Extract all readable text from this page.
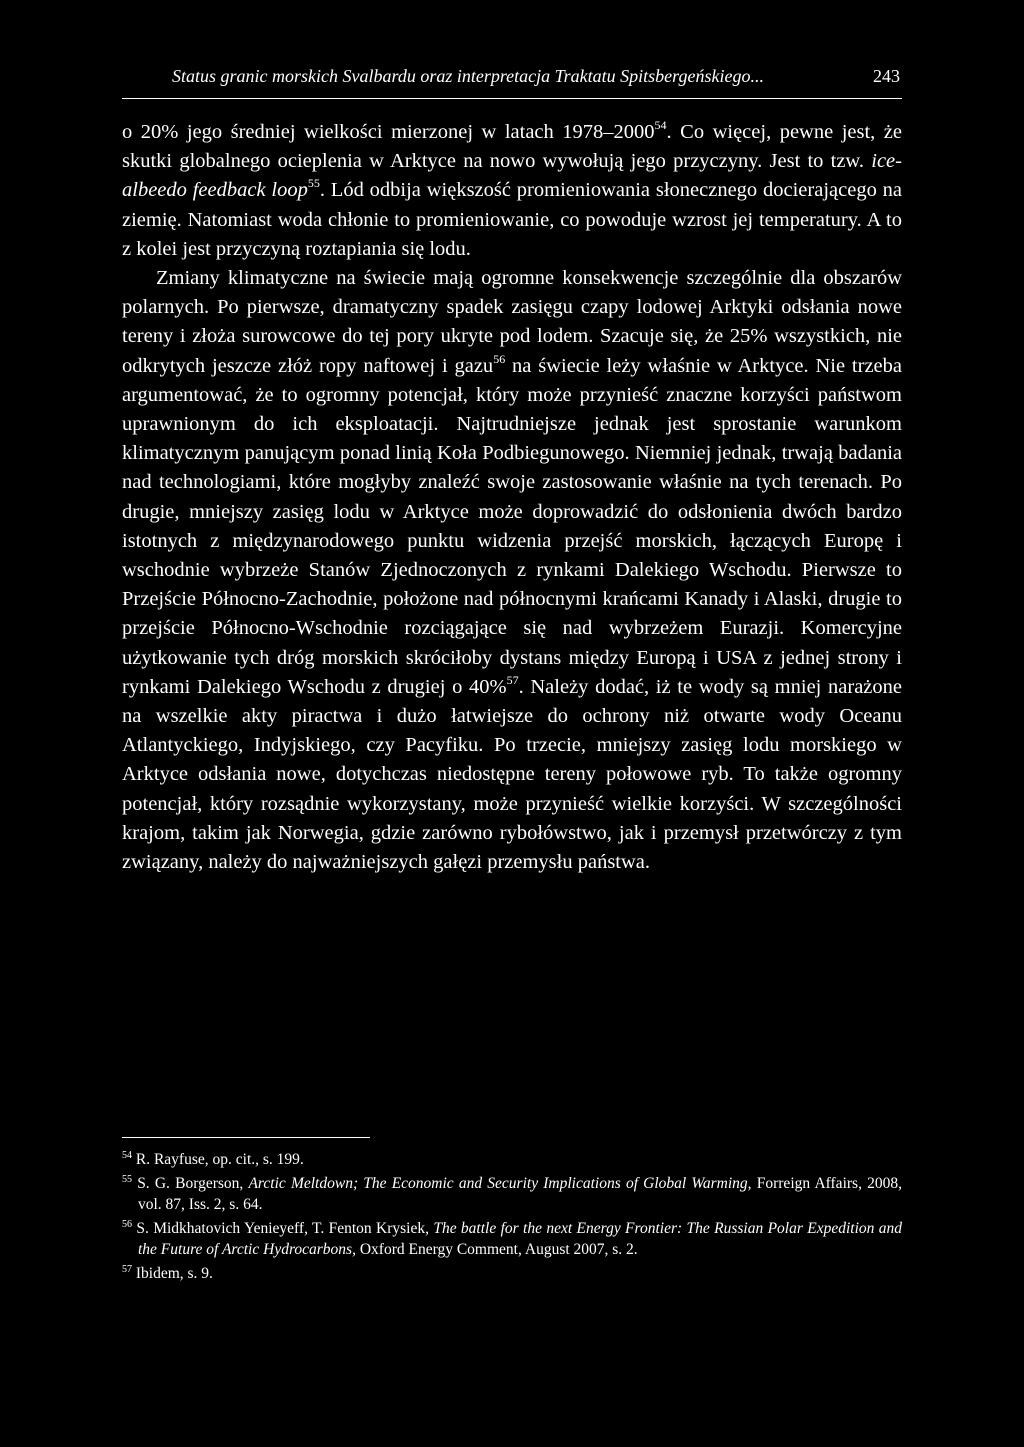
Status granic morskich Svalbardu oraz interpretacja Traktatu Spitsbergeńskiego...	243

o 20% jego średniej wielkości mierzonej w latach 1978–2000$^{54}$. Co więcej, pewne jest, że skutki globalnego ocieplenia w Arktyce na nowo wywołują jego przyczyny. Jest to tzw. ice-albeedo feedback loop$^{55}$. Lód odbija większość promieniowania słonecznego docierającego na ziemię. Natomiast woda chłonie to promieniowanie, co powoduje wzrost jej temperatury. A to z kolei jest przyczyną roztapiania się lodu.

Zmiany klimatyczne na świecie mają ogromne konsekwencje szczególnie dla obszarów polarnych. Po pierwsze, dramatyczny spadek zasięgu czapy lodowej Arktyki odsłania nowe tereny i złoża surowcowe do tej pory ukryte pod lodem. Szacuje się, że 25% wszystkich, nie odkrytych jeszcze złóż ropy naftowej i gazu$^{56}$ na świecie leży właśnie w Arktyce. Nie trzeba argumentować, że to ogromny potencjał, który może przynieść znaczne korzyści państwom uprawnionym do ich eksploatacji. Najtrudniejsze jednak jest sprostanie warunkom klimatycznym panującym ponad linią Koła Podbiegunowego. Niemniej jednak, trwają badania nad technologiami, które mogłyby znaleźć swoje zastosowanie właśnie na tych terenach. Po drugie, mniejszy zasięg lodu w Arktyce może doprowadzić do odsłonienia dwóch bardzo istotnych z międzynarodowego punktu widzenia przejść morskich, łączących Europę i wschodnie wybrzeże Stanów Zjednoczonych z rynkami Dalekiego Wschodu. Pierwsze to Przejście Północno-Zachodnie, położone nad północnymi krańcami Kanady i Alaski, drugie to przejście Północno-Wschodnie rozciągające się nad wybrzeżem Eurazji. Komercyjne użytkowanie tych dróg morskich skróciłoby dystans między Europą i USA z jednej strony i rynkami Dalekiego Wschodu z drugiej o 40%$^{57}$. Należy dodać, iż te wody są mniej narażone na wszelkie akty piractwa i dużo łatwiejsze do ochrony niż otwarte wody Oceanu Atlantyckiego, Indyjskiego, czy Pacyfiku. Po trzecie, mniejszy zasięg lodu morskiego w Arktyce odsłania nowe, dotychczas niedostępne tereny połowowe ryb. To także ogromny potencjał, który rozsądnie wykorzystany, może przynieść wielkie korzyści. W szczególności krajom, takim jak Norwegia, gdzie zarówno rybołówstwo, jak i przemysł przetwórczy z tym związany, należy do najważniejszych gałęzi przemysłu państwa.

$^{54}$ R. Rayfuse, op. cit., s. 199.

$^{55}$ S. G. Borgerson, Arctic Meltdown; The Economic and Security Implications of Global Warming, Forreign Affairs, 2008, vol. 87, Iss. 2, s. 64.

$^{56}$ S. Midkhatovich Yenieyeff, T. Fenton Krysiek, The battle for the next Energy Frontier: The Russian Polar Expedition and the Future of Arctic Hydrocarbons, Oxford Energy Comment, August 2007, s. 2.

$^{57}$ Ibidem, s. 9.
